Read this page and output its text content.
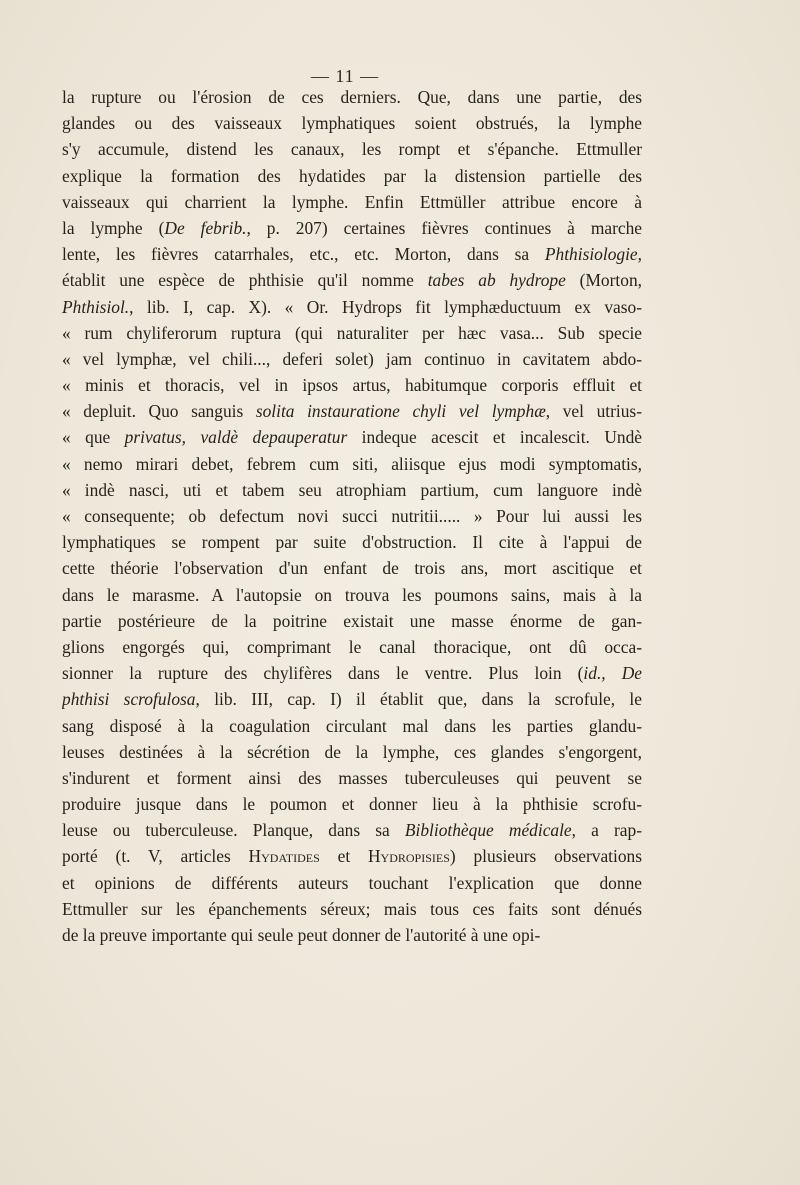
— 11 —
la rupture ou l'érosion de ces derniers. Que, dans une partie, des
glandes ou des vaisseaux lymphatiques soient obstrués, la lymphe
s'y accumule, distend les canaux, les rompt et s'épanche. Ettmuller
explique la formation des hydatides par la distension partielle des
vaisseaux qui charrient la lymphe. Enfin Ettmüller attribue encore à
la lymphe (De febrib., p. 207) certaines fièvres continues à marche
lente, les fièvres catarrhales, etc., etc. Morton, dans sa Phthisiologie,
établit une espèce de phthisie qu'il nomme tabes ab hydrope (Morton,
Phthisiol., lib. I, cap. X). « Or. Hydrops fit lymphæductuum ex vaso-
« rum chyliferorum ruptura (qui naturaliter per hæc vasa... Sub specie
« vel lymphæ, vel chili..., deferi solet) jam continuo in cavitatem abdo-
« minis et thoracis, vel in ipsos artus, habitumque corporis effluit et
« depluit. Quo sanguis solita instauratione chyli vel lymphæ, vel utrius-
« que privatus, valdè depauperatur indeque acescit et incalescit. Undè
« nemo mirari debet, febrem cum siti, aliisque ejus modi symptomatis,
« indè nasci, uti et tabem seu atrophiam partium, cum languore indè
« consequente; ob defectum novi succi nutritii..... » Pour lui aussi les
lymphatiques se rompent par suite d'obstruction. Il cite à l'appui de
cette théorie l'observation d'un enfant de trois ans, mort ascitique et
dans le marasme. A l'autopsie on trouva les poumons sains, mais à la
partie postérieure de la poitrine existait une masse énorme de gan-
glions engorgés qui, comprimant le canal thoracique, ont dû occa-
sionner la rupture des chylifères dans le ventre. Plus loin (id., De
phthisi scrofulosa, lib. III, cap. I) il établit que, dans la scrofule, le
sang disposé à la coagulation circulant mal dans les parties glandu-
leuses destinées à la sécrétion de la lymphe, ces glandes s'engorgent,
s'indurent et forment ainsi des masses tuberculeuses qui peuvent se
produire jusque dans le poumon et donner lieu à la phthisie scrofu-
leuse ou tuberculeuse. Planque, dans sa Bibliothèque médicale, a rap-
porté (t. V, articles Hydatides et Hydropisies) plusieurs observations
et opinions de différents auteurs touchant l'explication que donne
Ettmuller sur les épanchements séreux; mais tous ces faits sont dénués
de la preuve importante qui seule peut donner de l'autorité à une opi-
